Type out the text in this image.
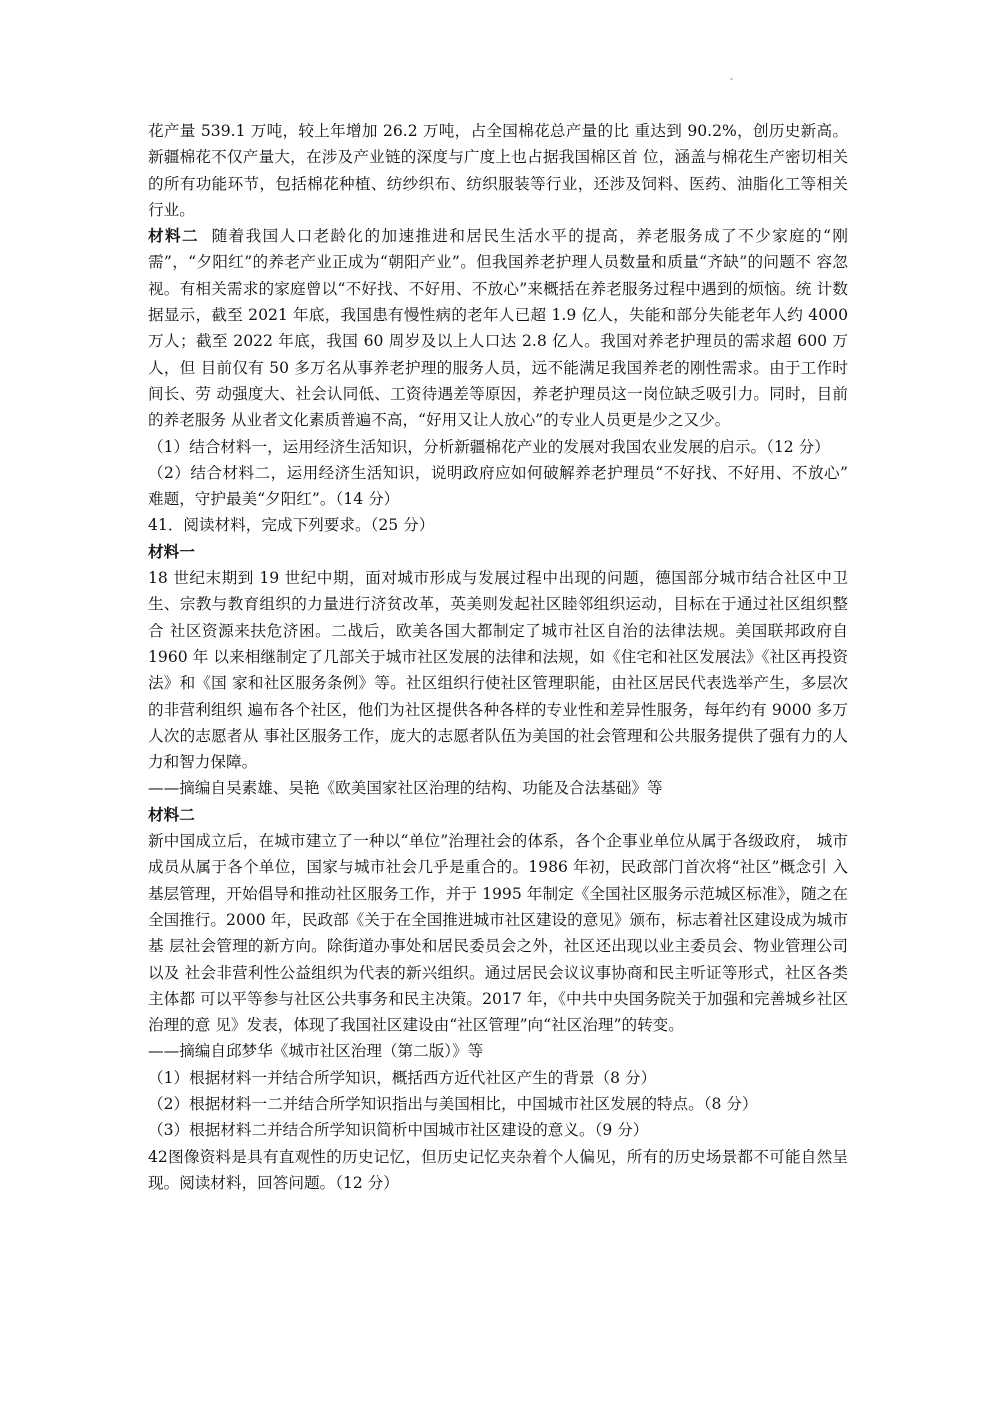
花产量 539.1 万吨，较上年增加 26.2 万吨，占全国棉花总产量的比 重达到 90.2%，创历史新高。新疆棉花不仅产量大，在涉及产业链的深度与广度上也占据我国棉区首 位，涵盖与棉花生产密切相关的所有功能环节，包括棉花种植、纺纱织布、纺织服装等行业，还涉及饲料、医药、油脂化工等相关行业。

材料二 随着我国人口老龄化的加速推进和居民生活水平的提高，养老服务成了不少家庭的“刚 需”，“夕阳红”的养老产业正成为“朝阳产业”。但我国养老护理人员数量和质量“齐缺”的问题不 容忽视。有相关需求的家庭曾以“不好找、不好用、不放心”来概括在养老服务过程中遇到的烦恼。统 计数据显示，截至 2021 年底，我国患有慢性病的老年人已超 1.9 亿人，失能和部分失能老年人约 4000 万人；截至 2022 年底，我国 60 周岁及以上人口达 2.8 亿人。我国对养老护理员的需求超 600 万人，但 目前仅有 50 多万名从事养老护理的服务人员，远不能满足我国养老的刚性需求。由于工作时间长、劳 动强度大、社会认同低、工资待遇差等原因，养老护理员这一岗位缺乏吸引力。同时，目前的养老服务 从业者文化素质普遍不高，“好用又让人放心”的专业人员更是少之又少。

（1）结合材料一，运用经济生活知识，分析新疆棉花产业的发展对我国农业发展的启示。（12 分）

（2）结合材料二，运用经济生活知识，说明政府应如何破解养老护理员“不好找、不好用、不放心” 难题，守护最美“夕阳红”。（14 分）

41．阅读材料，完成下列要求。（25 分）

材料一

18 世纪末期到 19 世纪中期，面对城市形成与发展过程中出现的问题，德国部分城市结合社区中卫 生、宗教与教育组织的力量进行济贫改革，英美则发起社区睦邻组织运动，目标在于通过社区组织整合 社区资源来扶危济困。二战后，欧美各国大都制定了城市社区自治的法律法规。美国联邦政府自 1960 年 以来相继制定了几部关于城市社区发展的法律和法规，如《住宅和社区发展法》《社区再投资法》和《国 家和社区服务条例》等。社区组织行使社区管理职能，由社区居民代表选举产生，多层次的非营利组织 遍布各个社区，他们为社区提供各种各样的专业性和差异性服务，每年约有 9000 多万人次的志愿者从 事社区服务工作，庞大的志愿者队伍为美国的社会管理和公共服务提供了强有力的人力和智力保障。

——摘编自吴素雄、吴艳《欧美国家社区治理的结构、功能及合法基础》等

材料二

新中国成立后，在城市建立了一种以“单位”治理社会的体系，各个企事业单位从属于各级政府， 城市成员从属于各个单位，国家与城市社会几乎是重合的。1986 年初，民政部门首次将“社区”概念引 入基层管理，开始倡导和推动社区服务工作，并于 1995 年制定《全国社区服务示范城区标准》，随之在 全国推行。2000 年，民政部《关于在全国推进城市社区建设的意见》颁布，标志着社区建设成为城市基 层社会管理的新方向。除街道办事处和居民委员会之外，社区还出现以业主委员会、物业管理公司以及 社会非营利性公益组织为代表的新兴组织。通过居民会议议事协商和民主听证等形式，社区各类主体都 可以平等参与社区公共事务和民主决策。2017 年，《中共中央国务院关于加强和完善城乡社区治理的意 见》发表，体现了我国社区建设由“社区管理”向“社区治理”的转变。

——摘编自邱梦华《城市社区治理（第二版）》等

（1）根据材料一并结合所学知识，概括西方近代社区产生的背景（8 分）

（2）根据材料一二并结合所学知识指出与美国相比，中国城市社区发展的特点。（8 分）

（3）根据材料二并结合所学知识简析中国城市社区建设的意义。（9 分）

42图像资料是具有直观性的历史记忆，但历史记忆夹杂着个人偏见，所有的历史场景都不可能自然呈 现。阅读材料，回答问题。（12 分）
